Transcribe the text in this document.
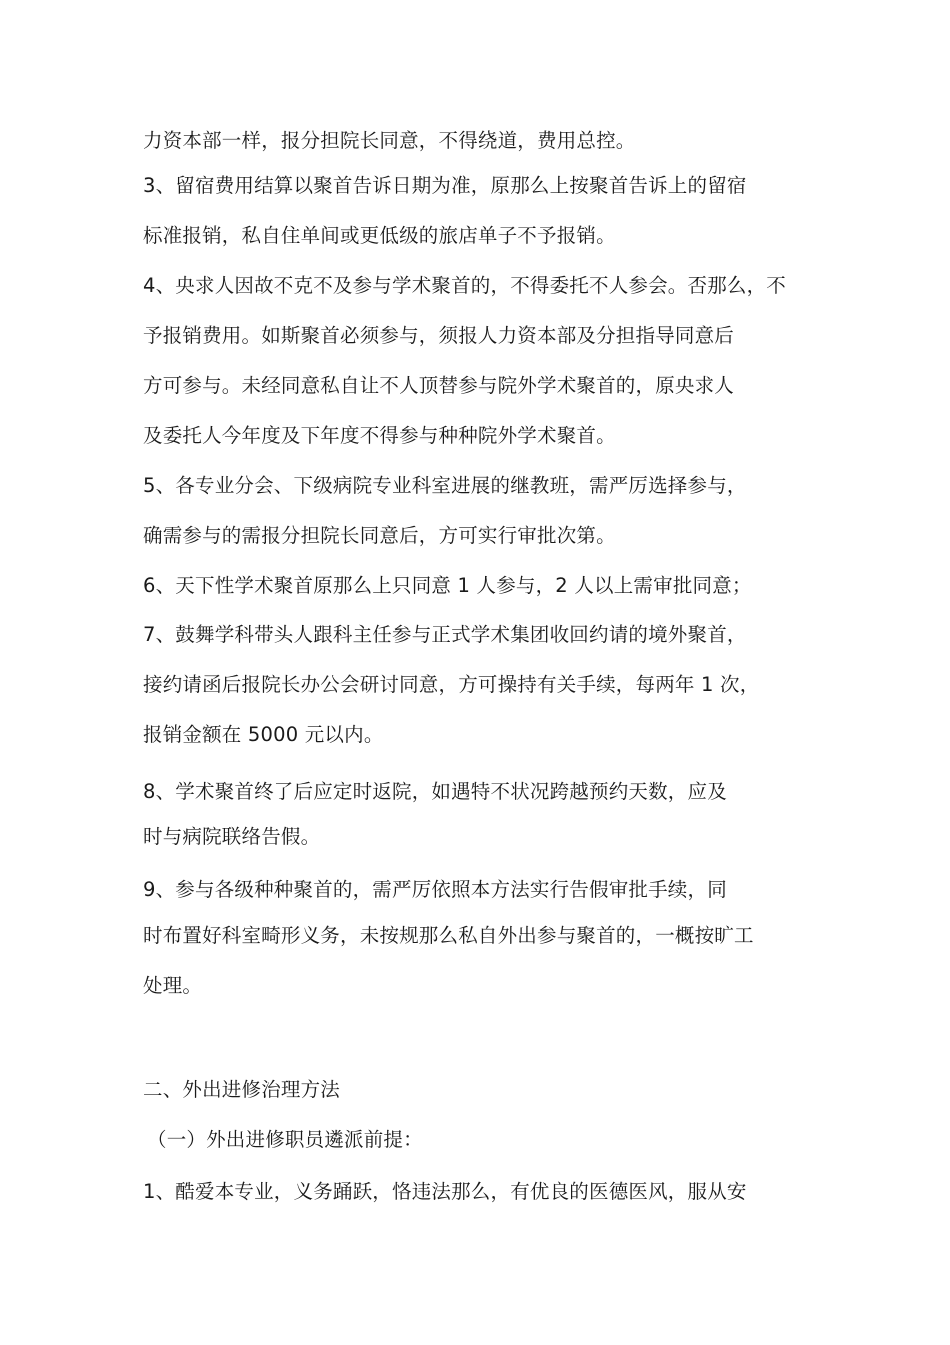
力资本部一样，报分担院长同意，不得绕道，费用总控。
3、留宿费用结算以聚首告诉日期为准，原那么上按聚首告诉上的留宿
标准报销，私自住单间或更低级的旅店单子不予报销。
4、央求人因故不克不及参与学术聚首的，不得委托不人参会。否那么，不
予报销费用。如斯聚首必须参与，须报人力资本部及分担指导同意后
方可参与。未经同意私自让不人顶替参与院外学术聚首的，原央求人
及委托人今年度及下年度不得参与种种院外学术聚首。
5、各专业分会、下级病院专业科室进展的继教班，需严厉选择参与，
确需参与的需报分担院长同意后，方可实行审批次第。
6、天下性学术聚首原那么上只同意 1 人参与，2 人以上需审批同意；
7、鼓舞学科带头人跟科主任参与正式学术集团收回约请的境外聚首，
接约请函后报院长办公会研讨同意，方可操持有关手续，每两年 1 次，
报销金额在 5000 元以内。
8、学术聚首终了后应定时返院，如遇特不状况跨越预约天数，应及
时与病院联络告假。
9、参与各级种种聚首的，需严厉依照本方法实行告假审批手续，同
时布置好科室畸形义务，未按规那么私自外出参与聚首的，一概按旷工
处理。
二、外出进修治理方法
（一）外出进修职员遴派前提：
1、酷爱本专业，义务踊跃，恪违法那么，有优良的医德医风，服从安
